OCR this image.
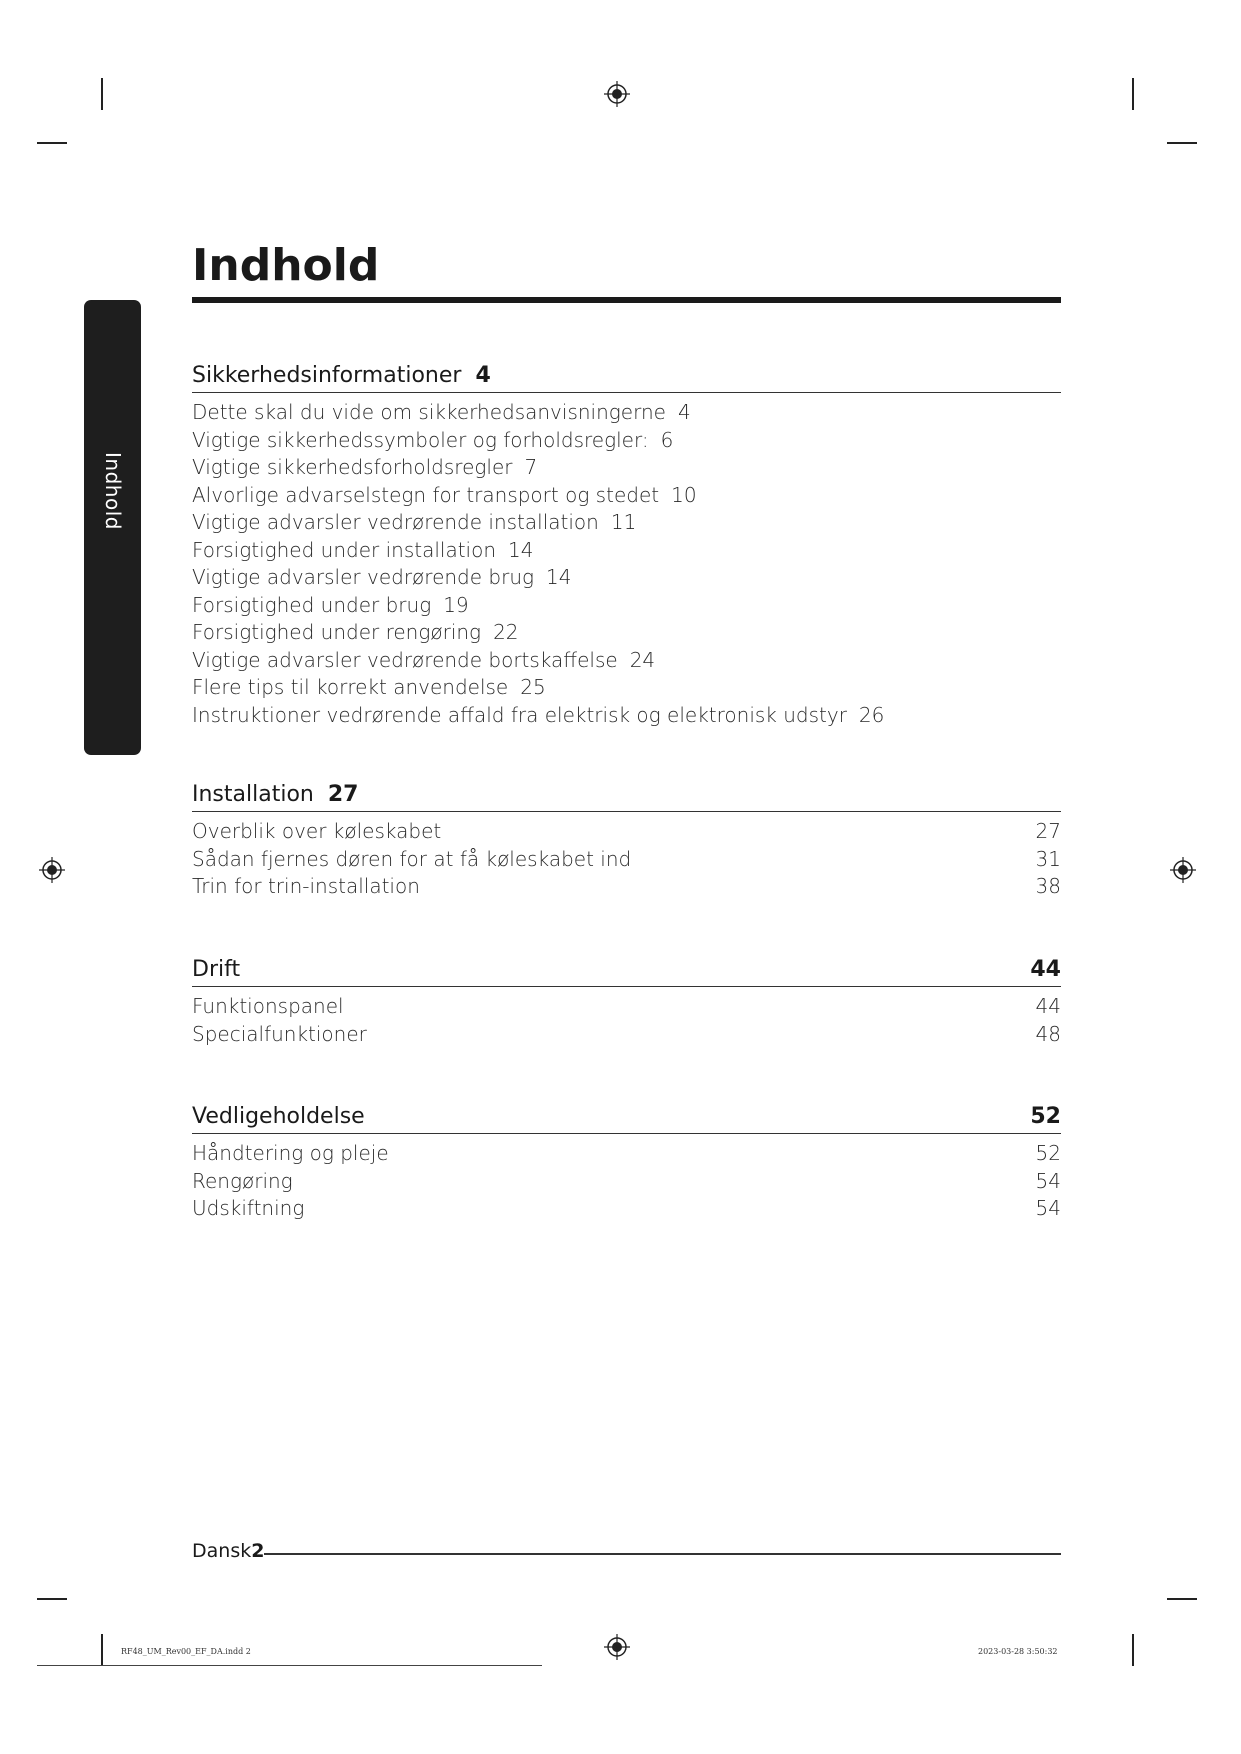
Indhold
Indhold
Sikkerhedsinformationer 4
Dette skal du vide om sikkerhedsanvisningerne 4
Vigtige sikkerhedssymboler og forholdsregler: 6
Vigtige sikkerhedsforholdsregler 7
Alvorlige advarselstegn for transport og stedet 10
Vigtige advarsler vedrørende installation 11
Forsigtighed under installation 14
Vigtige advarsler vedrørende brug 14
Forsigtighed under brug 19
Forsigtighed under rengøring 22
Vigtige advarsler vedrørende bortskaffelse 24
Flere tips til korrekt anvendelse 25
Instruktioner vedrørende affald fra elektrisk og elektronisk udstyr 26
Installation 27
Overblik over køleskabet	27
Sådan fjernes døren for at få køleskabet ind	31
Trin for trin-installation	38
Drift	44
Funktionspanel	44
Specialfunktioner	48
Vedligeholdelse	52
Håndtering og pleje	52
Rengøring	54
Udskiftning	54
Dansk2
RF48_UM_Rev00_EF_DA.indd 2	2023-03-28 3:50:32
